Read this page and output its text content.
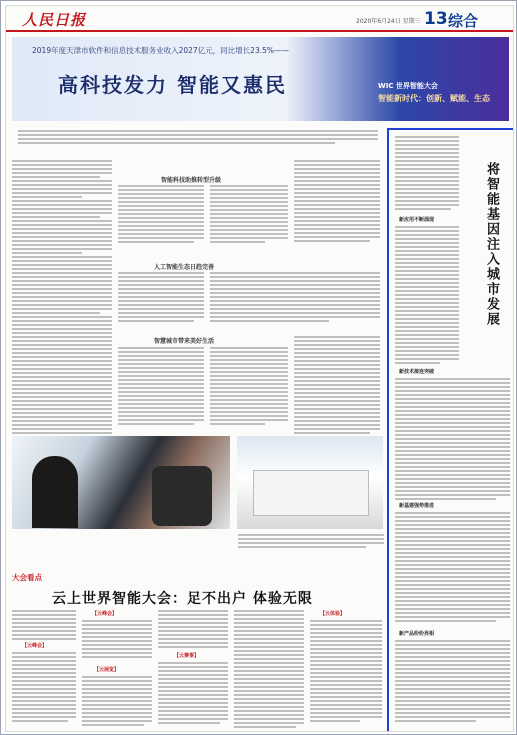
人民日报	2020年6月24日 星期三 13 综合
2019年度天津市软件和信息技术服务业收入2027亿元，同比增长23.5%——
高科技发力 智能又惠民	WIC 世界智能大会
智能新时代：创新、赋能、生态
智能科技助推转型升级
人工智能生态日趋完善
智慧城市带来美好生活
大会看点
云上世界智能大会：足不出户 体验无限
【云峰会】
【云峰会】
【云展览】
【云赛事】
【云体验】
将智能基因注入城市发展
新应用不断涌现
新技术接连突破
新基建强势推进
新产品纷纷亮相
